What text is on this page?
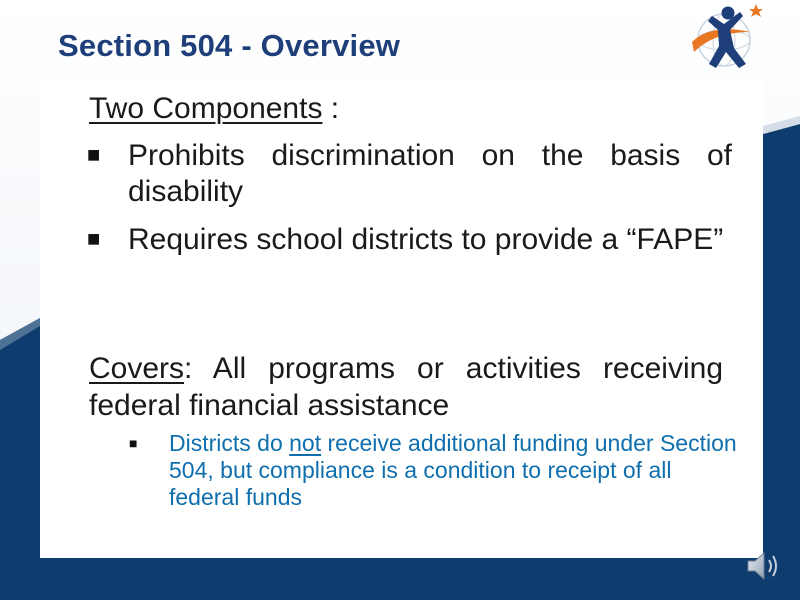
Section 504 - Overview
Two Components :
■ Prohibits discrimination on the basis of disability
■ Requires school districts to provide a “FAPE”
Covers: All programs or activities receiving federal financial assistance
■ Districts do not receive additional funding under Section 504, but compliance is a condition to receipt of all federal funds
